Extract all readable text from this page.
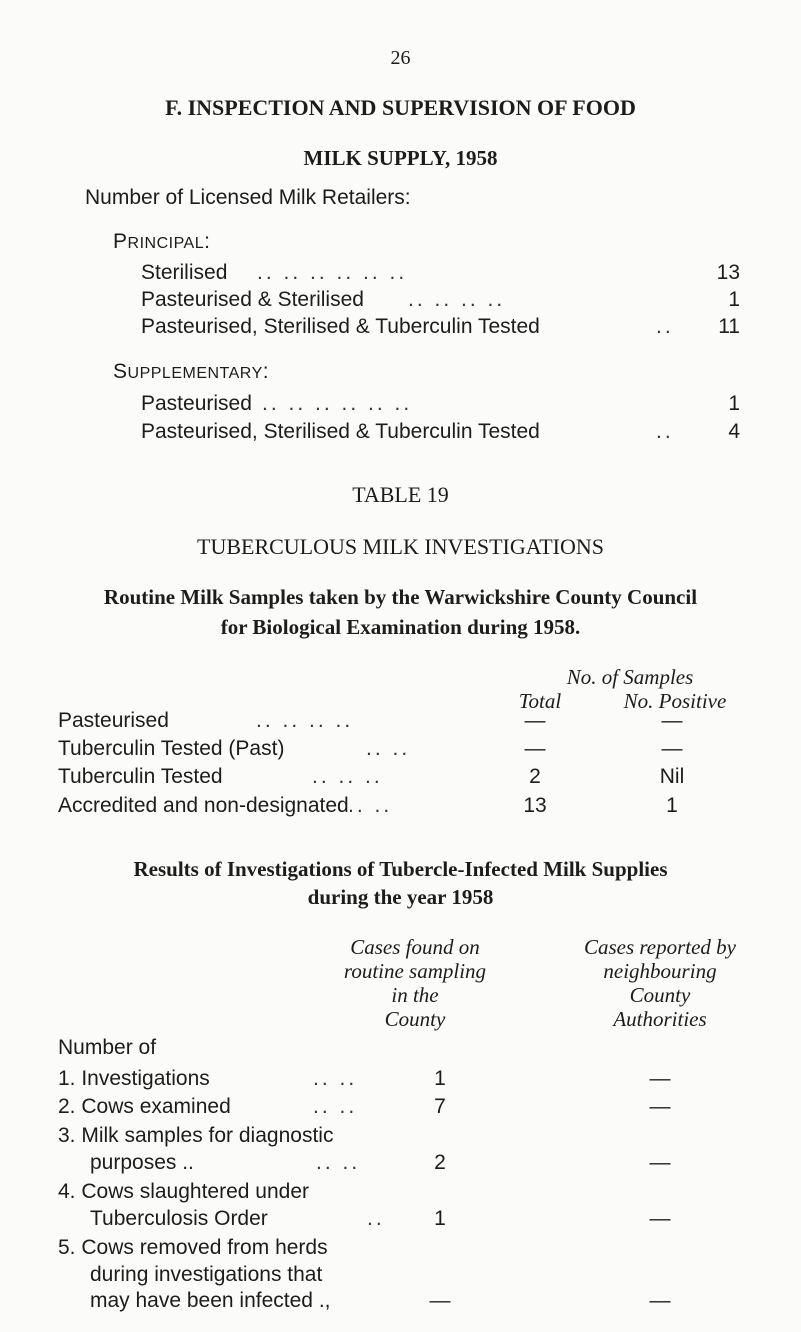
26
F. INSPECTION AND SUPERVISION OF FOOD
MILK SUPPLY, 1958
Number of Licensed Milk Retailers:
PRINCIPAL:
Sterilised .. .. .. .. .. ..	13
Pasteurised & Sterilised .. .. .. ..	1
Pasteurised, Sterilised & Tuberculin Tested	..	11
SUPPLEMENTARY:
Pasteurised .. .. .. .. .. ..	1
Pasteurised, Sterilised & Tuberculin Tested	..	4
TABLE 19
TUBERCULOUS MILK INVESTIGATIONS
Routine Milk Samples taken by the Warwickshire County Council
for Biological Examination during 1958.
No. of Samples
Total	No. Positive
Pasteurised	.. .. .. ..	—	—
Tuberculin Tested (Past)	.. ..	—	—
Tuberculin Tested	.. .. ..	2	Nil
Accredited and non-designated .. ..	13	1
Results of Investigations of Tubercle-Infected Milk Supplies
during the year 1958
Cases found on
routine sampling
in the
County
Cases reported by
neighbouring
County
Authorities
Number of
1. Investigations	.. ..	1	—
2. Cows examined	.. ..	7	—
3. Milk samples for diagnostic
purposes ..	.. ..	2	—
4. Cows slaughtered under
Tuberculosis Order	..	1	—
5. Cows removed from herds
during investigations that
may have been infected .,	—	—
